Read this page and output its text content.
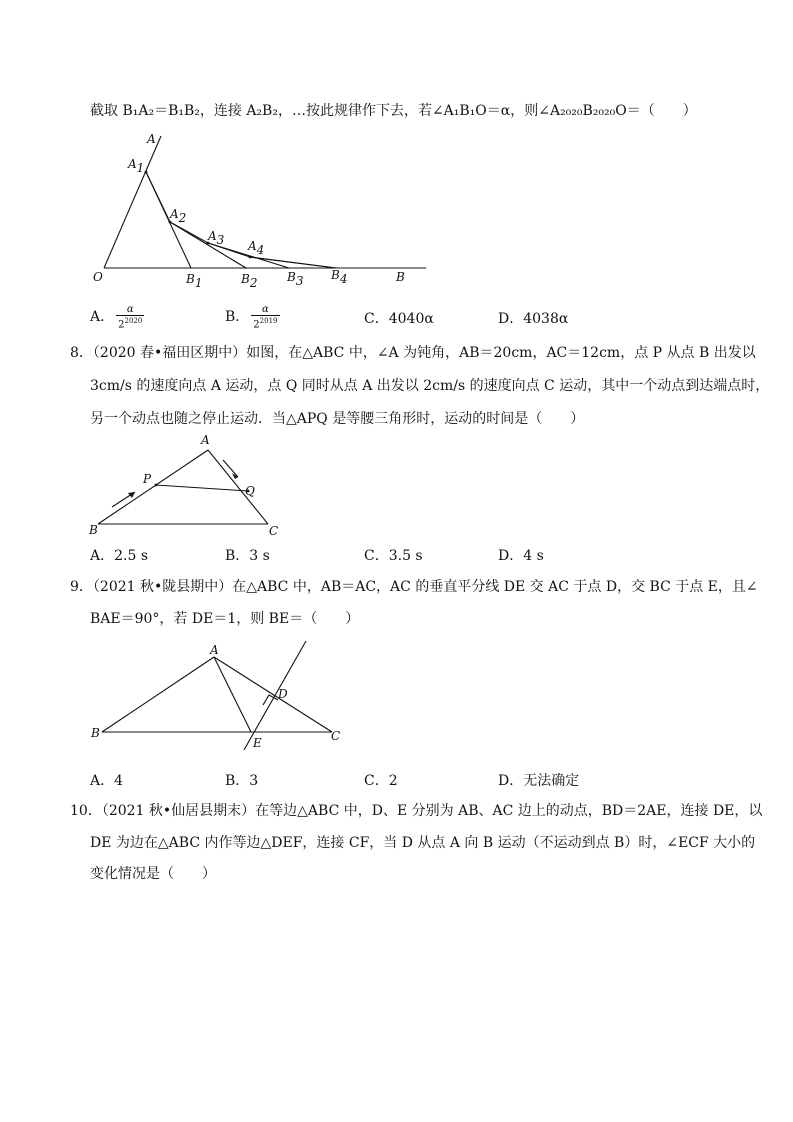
截取 B₁A₂＝B₁B₂，连接 A₂B₂，…按此规律作下去，若∠A₁B₁O＝α，则∠A₂₀₂₀B₂₀₂₀O＝（　　）
A
A1
A2
A3 A4
O	B1	B2 B3 B4	B
A． $\frac{\alpha}{2^{2020}}$	B． $\frac{\alpha}{2^{2019}}$	C．4040α	D．4038α
8．（2020 春•福田区期中）如图，在△ABC 中，∠A 为钝角，AB＝20cm，AC＝12cm，点 P 从点 B 出发以
3cm/s 的速度向点 A 运动，点 Q 同时从点 A 出发以 2cm/s 的速度向点 C 运动，其中一个动点到达端点时，
另一个动点也随之停止运动．当△APQ 是等腰三角形时，运动的时间是（　　）
A
P
Q
B	C
A．2.5 s	B．3 s	C．3.5 s	D．4 s
9．（2021 秋•陇县期中）在△ABC 中，AB＝AC，AC 的垂直平分线 DE 交 AC 于点 D，交 BC 于点 E，且∠
BAE＝90°，若 DE＝1，则 BE＝（　　）
A
D
B
E	C
A．4	B．3	C．2	D．无法确定
10．（2021 秋•仙居县期末）在等边△ABC 中，D、E 分别为 AB、AC 边上的动点，BD＝2AE，连接 DE，以
DE 为边在△ABC 内作等边△DEF，连接 CF，当 D 从点 A 向 B 运动（不运动到点 B）时，∠ECF 大小的
变化情况是（　　）
